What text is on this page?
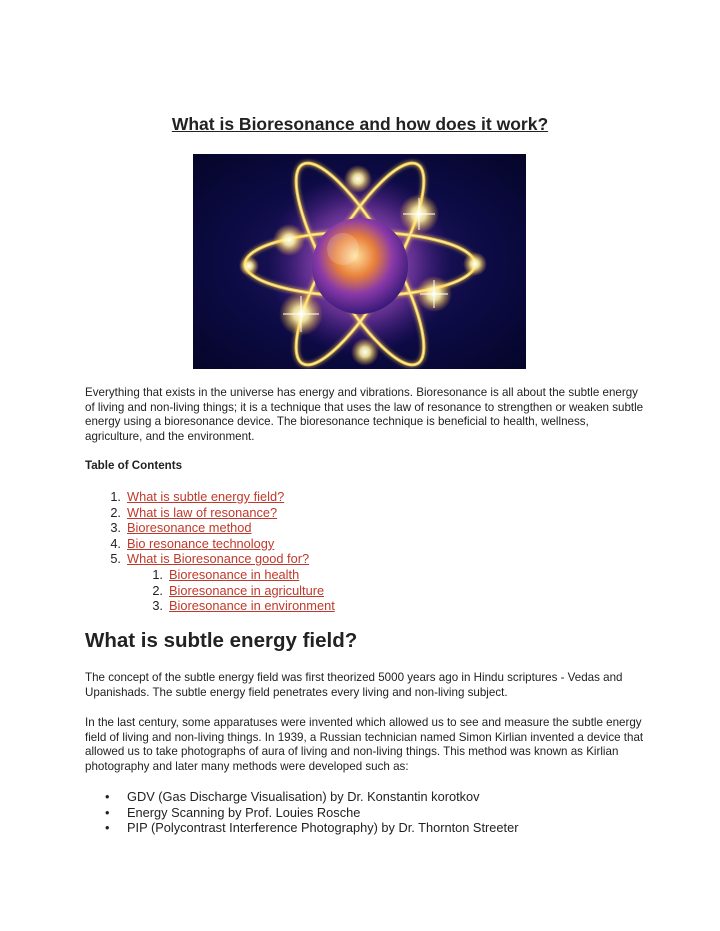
What is Bioresonance and how does it work?

Everything that exists in the universe has energy and vibrations. Bioresonance is all about the subtle energy of living and non-living things; it is a technique that uses the law of resonance to strengthen or weaken subtle energy using a bioresonance device. The bioresonance technique is beneficial to health, wellness, agriculture, and the environment.

Table of Contents

1. What is subtle energy field?
2. What is law of resonance?
3. Bioresonance method
4. Bio resonance technology
5. What is Bioresonance good for?
1. Bioresonance in health
2. Bioresonance in agriculture
3. Bioresonance in environment
What is subtle energy field?

The concept of the subtle energy field was first theorized 5000 years ago in Hindu scriptures - Vedas and Upanishads. The subtle energy field penetrates every living and non-living subject.

In the last century, some apparatuses were invented which allowed us to see and measure the subtle energy field of living and non-living things. In 1939, a Russian technician named Simon Kirlian invented a device that allowed us to take photographs of aura of living and non-living things. This method was known as Kirlian photography and later many methods were developed such as:

• GDV (Gas Discharge Visualisation) by Dr. Konstantin korotkov
• Energy Scanning by Prof. Louies Rosche
• PIP (Polycontrast Interference Photography) by Dr. Thornton Streeter
